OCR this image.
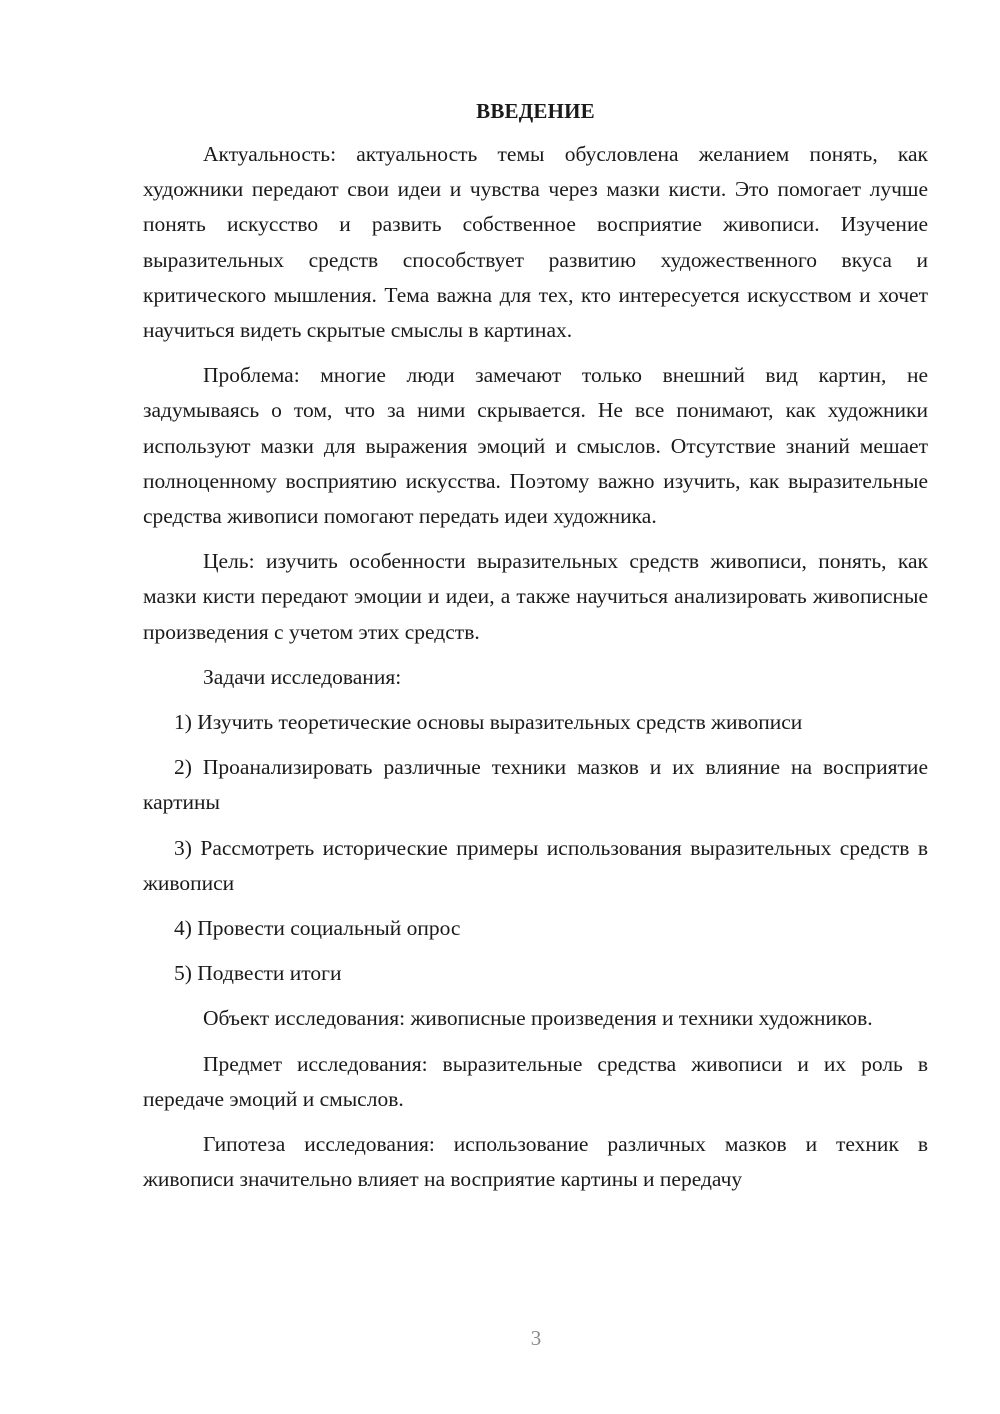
ВВЕДЕНИЕ

Актуальность: актуальность темы обусловлена желанием понять, как художники передают свои идеи и чувства через мазки кисти. Это помогает лучше понять искусство и развить собственное восприятие живописи. Изучение выразительных средств способствует развитию художественного вкуса и критического мышления. Тема важна для тех, кто интересуется искусством и хочет научиться видеть скрытые смыслы в картинах.

Проблема: многие люди замечают только внешний вид картин, не задумываясь о том, что за ними скрывается. Не все понимают, как художники используют мазки для выражения эмоций и смыслов. Отсутствие знаний мешает полноценному восприятию искусства. Поэтому важно изучить, как выразительные средства живописи помогают передать идеи художника.

Цель: изучить особенности выразительных средств живописи, понять, как мазки кисти передают эмоции и идеи, а также научиться анализировать живописные произведения с учетом этих средств.

Задачи исследования:

1) Изучить теоретические основы выразительных средств живописи

2) Проанализировать различные техники мазков и их влияние на восприятие картины

3) Рассмотреть исторические примеры использования выразительных средств в живописи

4) Провести социальный опрос

5) Подвести итоги

Объект исследования: живописные произведения и техники художников.

Предмет исследования: выразительные средства живописи и их роль в передаче эмоций и смыслов.

Гипотеза исследования: использование различных мазков и техник в живописи значительно влияет на восприятие картины и передачу

3
